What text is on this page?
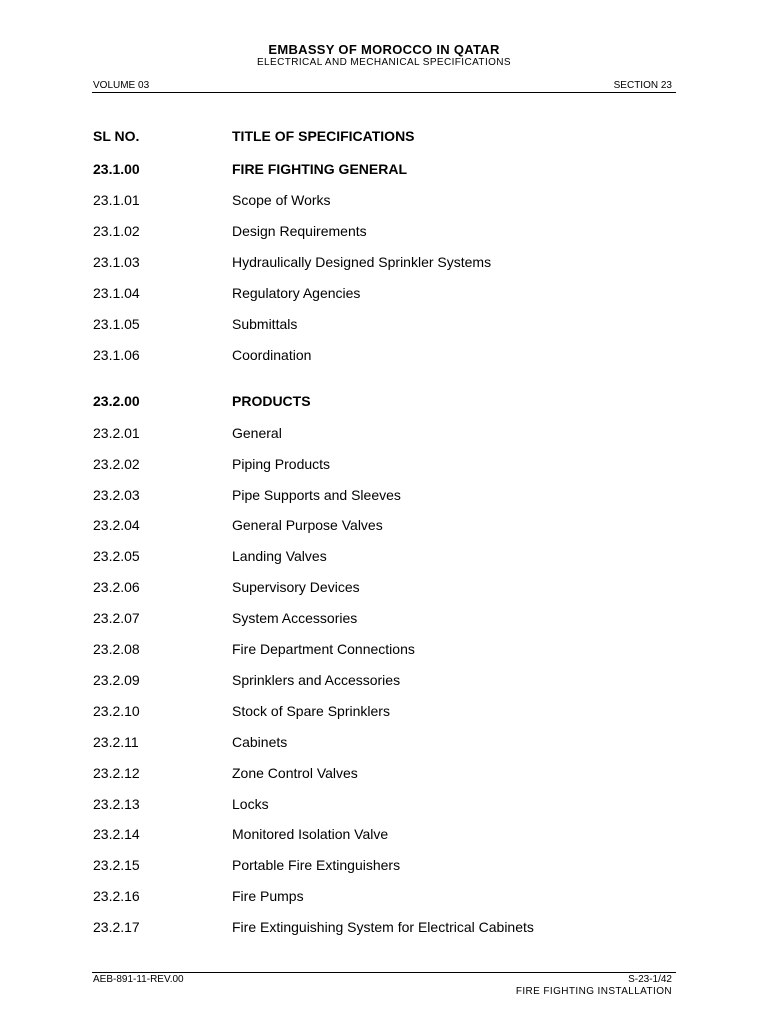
EMBASSY OF MOROCCO IN QATAR
ELECTRICAL AND MECHANICAL SPECIFICATIONS
VOLUME 03	SECTION 23
SL NO.	TITLE OF SPECIFICATIONS
23.1.00	FIRE FIGHTING GENERAL
23.1.01	Scope of Works
23.1.02	Design Requirements
23.1.03	Hydraulically Designed Sprinkler Systems
23.1.04	Regulatory Agencies
23.1.05	Submittals
23.1.06	Coordination
23.2.00	PRODUCTS
23.2.01	General
23.2.02	Piping Products
23.2.03	Pipe Supports and Sleeves
23.2.04	General Purpose Valves
23.2.05	Landing Valves
23.2.06	Supervisory Devices
23.2.07	System Accessories
23.2.08	Fire Department Connections
23.2.09	Sprinklers and Accessories
23.2.10	Stock of Spare Sprinklers
23.2.11	Cabinets
23.2.12	Zone Control Valves
23.2.13	Locks
23.2.14	Monitored Isolation Valve
23.2.15	Portable Fire Extinguishers
23.2.16	Fire Pumps
23.2.17	Fire Extinguishing System for Electrical Cabinets
AEB-891-11-REV.00	S-23-1/42
FIRE FIGHTING INSTALLATION
